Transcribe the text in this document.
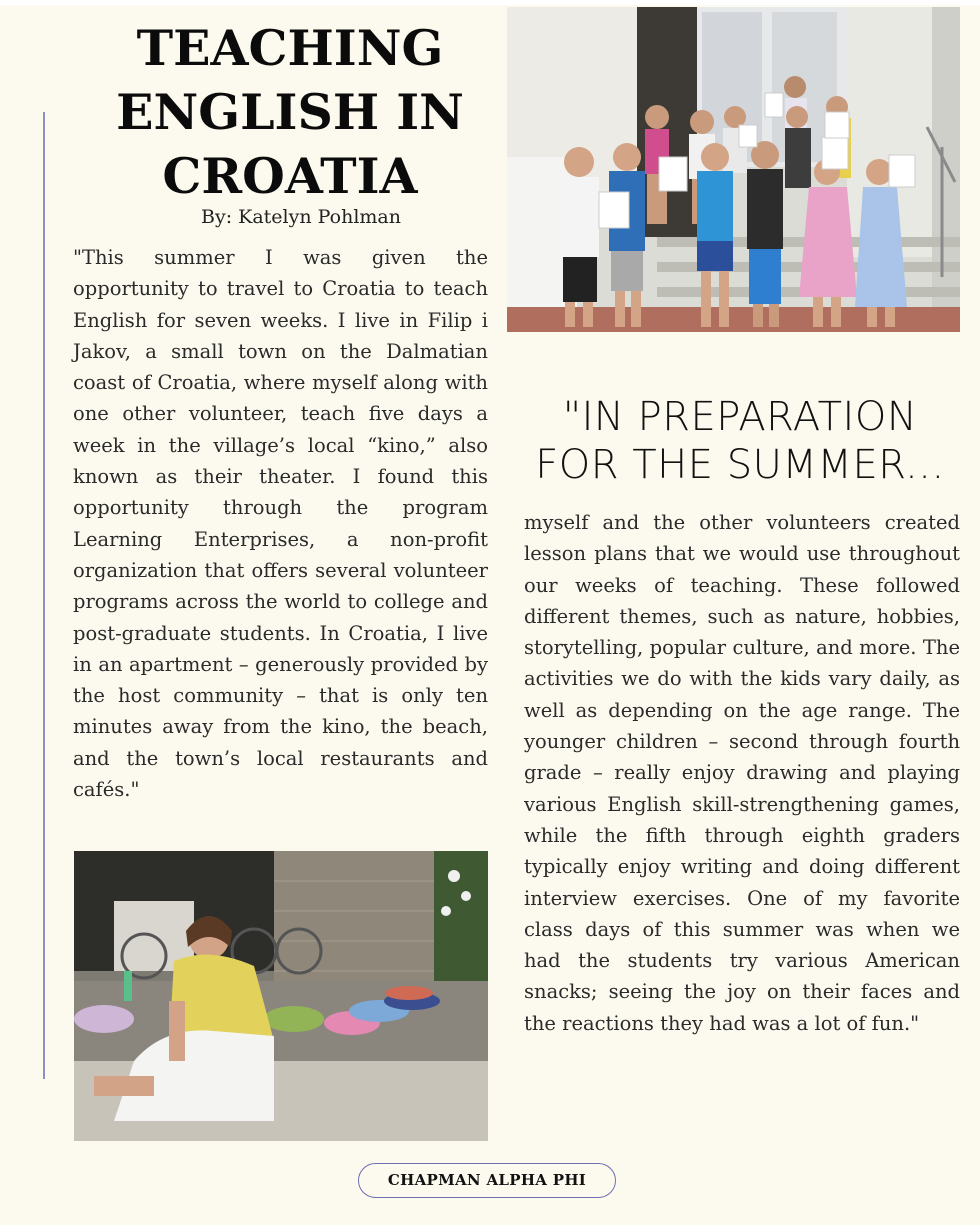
TEACHING ENGLISH IN CROATIA
By: Katelyn Pohlman

"This summer I was given the opportunity to travel to Croatia to teach English for seven weeks. I live in Filip i Jakov, a small town on the Dalmatian coast of Croatia, where myself along with one other volunteer, teach five days a week in the village’s local “kino,” also known as their theater. I found this opportunity through the program Learning Enterprises, a non-profit organization that offers several volunteer programs across the world to college and post-graduate students. In Croatia, I live in an apartment – generously provided by the host community – that is only ten minutes away from the kino, the beach, and the town’s local restaurants and cafés."

"IN PREPARATION FOR THE SUMMER...

myself and the other volunteers created lesson plans that we would use throughout our weeks of teaching. These followed different themes, such as nature, hobbies, storytelling, popular culture, and more. The activities we do with the kids vary daily, as well as depending on the age range. The younger children – second through fourth grade – really enjoy drawing and playing various English skill-strengthening games, while the fifth through eighth graders typically enjoy writing and doing different interview exercises. One of my favorite class days of this summer was when we had the students try various American snacks; seeing the joy on their faces and the reactions they had was a lot of fun."

CHAPMAN ALPHA PHI
